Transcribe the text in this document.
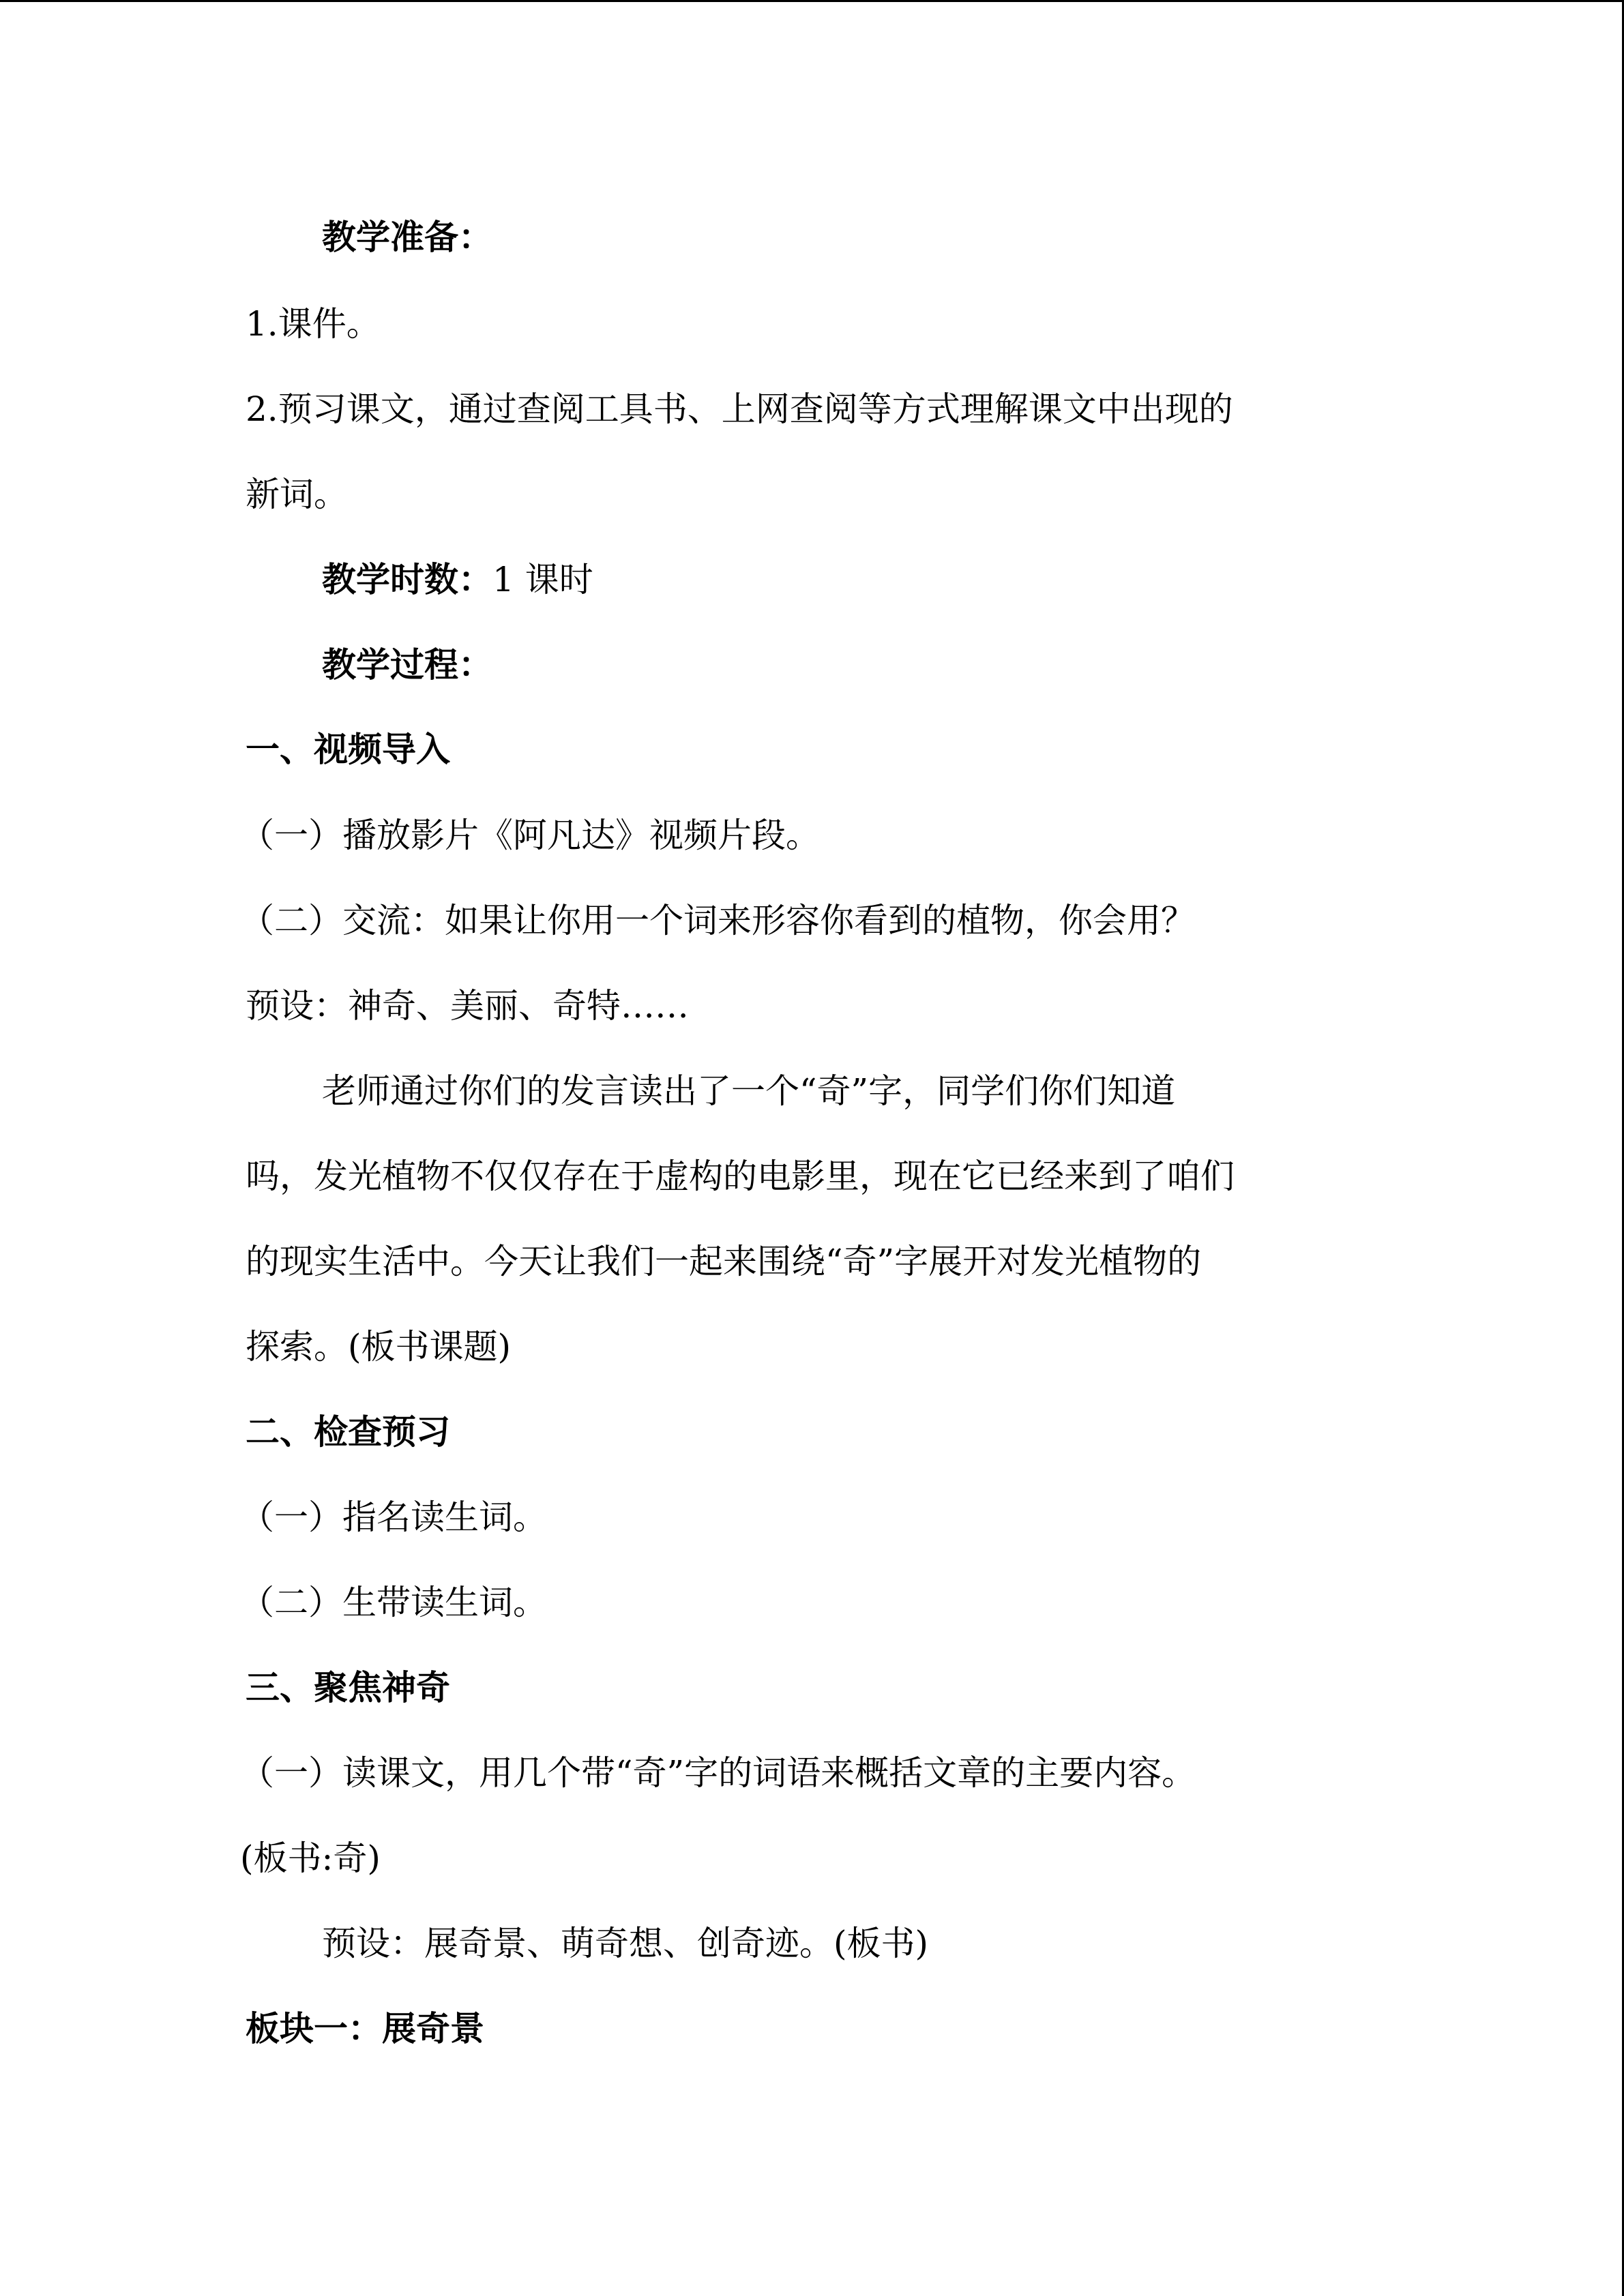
教学准备：
1.课件。
2.预习课文，通过查阅工具书、上网查阅等方式理解课文中出现的
新词。
教学时数：1 课时
教学过程：
一、视频导入
（一）播放影片《阿凡达》视频片段。
（二）交流：如果让你用一个词来形容你看到的植物，你会用？
预设：神奇、美丽、奇特……
老师通过你们的发言读出了一个“奇”字，同学们你们知道
吗，发光植物不仅仅存在于虚构的电影里，现在它已经来到了咱们
的现实生活中。今天让我们一起来围绕“奇”字展开对发光植物的
探索。(板书课题)
二、检查预习
（一）指名读生词。
（二）生带读生词。
三、聚焦神奇
（一）读课文，用几个带“奇”字的词语来概括文章的主要内容。
(板书:奇)
预设：展奇景、萌奇想、创奇迹。(板书)
板块一：展奇景
